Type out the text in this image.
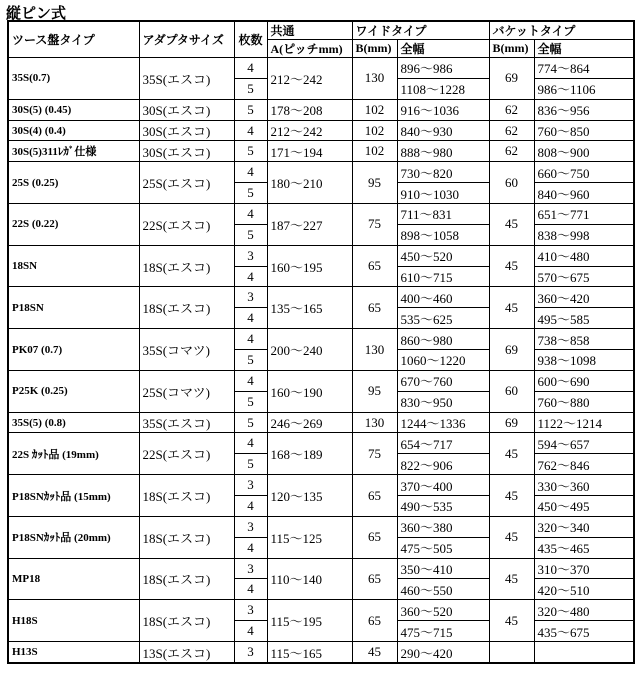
縦ピン式
ツース盤タイプ	アダプタサイズ	枚数	共通	ワイドタイプ		バケットタイプ	
			A(ピッチmm)	B(mm)	全幅	B(mm)	全幅
35S(0.7)	35S(エスコ)	4	212〜242	130	896〜986	69	774〜864
		5			1108〜1228		986〜1106
30S(5) (0.45)	30S(エスコ)	5	178〜208	102	916〜1036	62	836〜956
30S(4) (0.4)	30S(エスコ)	4	212〜242	102	840〜930	62	760〜850
30S(5)311ﾚｶﾞ仕様	30S(エスコ)	5	171〜194	102	888〜980	62	808〜900
25S (0.25)	25S(エスコ)	4	180〜210	95	730〜820	60	660〜750
		5			910〜1030		840〜960
22S (0.22)	22S(エスコ)	4	187〜227	75	711〜831	45	651〜771
		5			898〜1058		838〜998
18SN	18S(エスコ)	3	160〜195	65	450〜520	45	410〜480
		4			610〜715		570〜675
P18SN	18S(エスコ)	3	135〜165	65	400〜460	45	360〜420
		4			535〜625		495〜585
PK07 (0.7)	35S(コマツ)	4	200〜240	130	860〜980	69	738〜858
		5			1060〜1220		938〜1098
P25K (0.25)	25S(コマツ)	4	160〜190	95	670〜760	60	600〜690
		5			830〜950		760〜880
35S(5) (0.8)	35S(エスコ)	5	246〜269	130	1244〜1336	69	1122〜1214
22S ｶｯﾄ品 (19mm)	22S(エスコ)	4	168〜189	75	654〜717	45	594〜657
		5			822〜906		762〜846
P18SNｶｯﾄ品 (15mm)	18S(エスコ)	3	120〜135	65	370〜400	45	330〜360
		4			490〜535		450〜495
P18SNｶｯﾄ品 (20mm)	18S(エスコ)	3	115〜125	65	360〜380	45	320〜340
		4			475〜505		435〜465
MP18	18S(エスコ)	3	110〜140	65	350〜410	45	310〜370
		4			460〜550		420〜510
H18S	18S(エスコ)	3	115〜195	65	360〜520	45	320〜480
		4			475〜715		435〜675
H13S	13S(エスコ)	3	115〜165	45	290〜420		
